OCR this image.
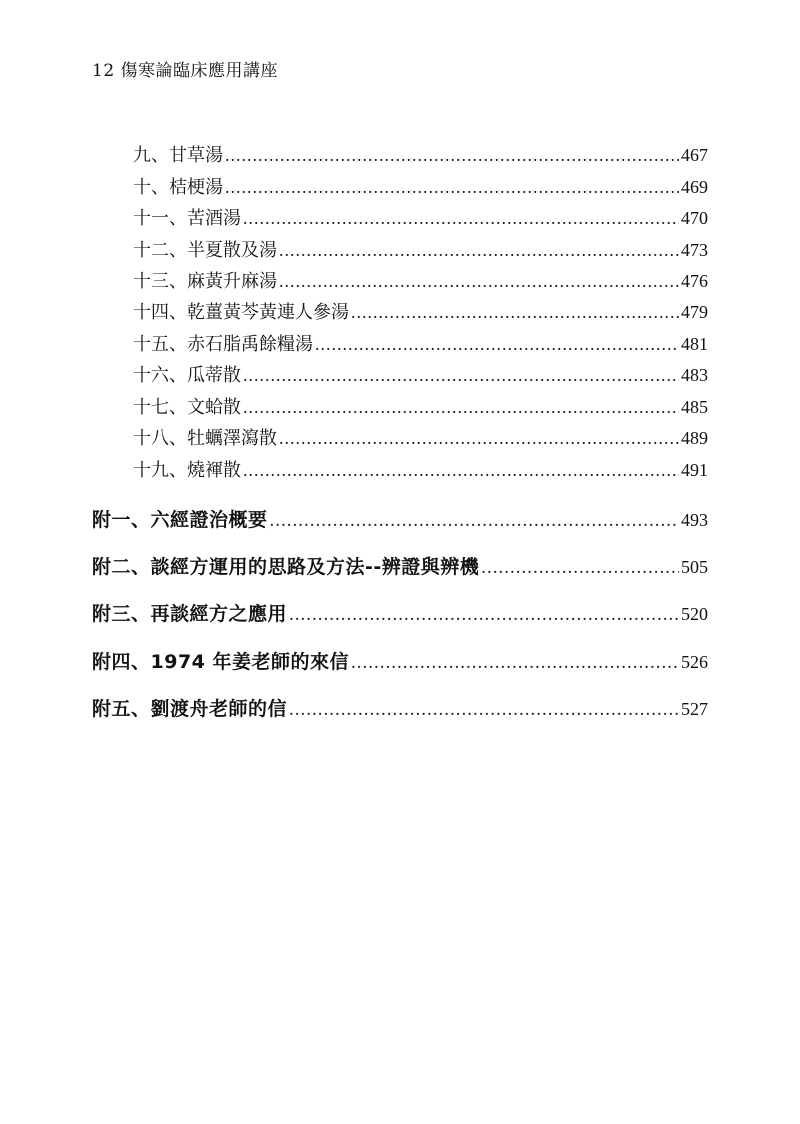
12 傷寒論臨床應用講座
九、甘草湯 .....	467
十、桔梗湯 .....	469
十一、苦酒湯 .....	470
十二、半夏散及湯 .....	473
十三、麻黃升麻湯 .....	476
十四、乾薑黃芩黃連人參湯 .....	479
十五、赤石脂禹餘糧湯 .....	481
十六、瓜蒂散 .....	483
十七、文蛤散 .....	485
十八、牡蠣澤瀉散 .....	489
十九、燒褌散 .....	491
附一、六經證治概要 .....	493
附二、談經方運用的思路及方法--辨證與辨機 .....	505
附三、再談經方之應用 .....	520
附四、1974 年姜老師的來信 .....	526
附五、劉渡舟老師的信 .....	527
